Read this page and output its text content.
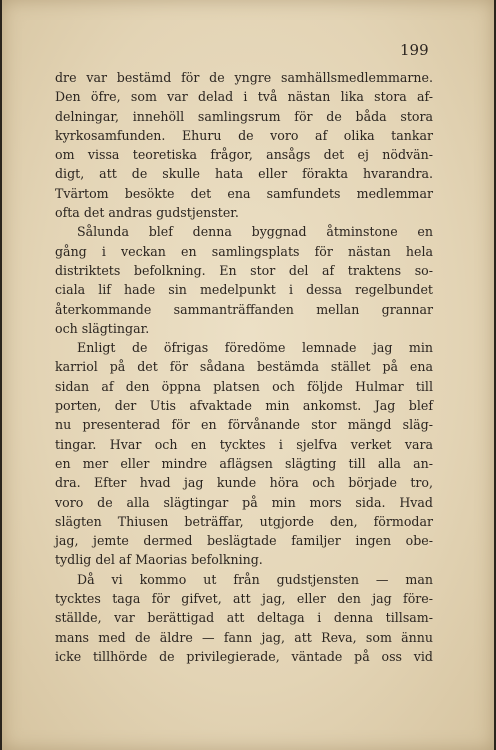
199

dre var bestämd för de yngre samhällsmedlemmarne.
Den öfre, som var delad i två nästan lika stora af-
delningar, innehöll samlingsrum för de båda stora
kyrkosamfunden. Ehuru de voro af olika tankar
om vissa teoretiska frågor, ansågs det ej nödvän-
digt, att de skulle hata eller förakta hvarandra.
Tvärtom besökte det ena samfundets medlemmar
ofta det andras gudstjenster.
Sålunda blef denna byggnad åtminstone en
gång i veckan en samlingsplats för nästan hela
distriktets befolkning. En stor del af traktens so-
ciala lif hade sin medelpunkt i dessa regelbundet
återkommande sammanträffanden mellan grannar
och slägtingar.
Enligt de öfrigas föredöme lemnade jag min
karriol på det för sådana bestämda stället på ena
sidan af den öppna platsen och följde Hulmar till
porten, der Utis afvaktade min ankomst. Jag blef
nu presenterad för en förvånande stor mängd släg-
tingar. Hvar och en tycktes i sjelfva verket vara
en mer eller mindre aflägsen slägting till alla an-
dra. Efter hvad jag kunde höra och började tro,
voro de alla slägtingar på min mors sida. Hvad
slägten Thiusen beträffar, utgjorde den, förmodar
jag, jemte dermed beslägtade familjer ingen obe-
tydlig del af Maorias befolkning.
Då vi kommo ut från gudstjensten — man
tycktes taga för gifvet, att jag, eller den jag före-
ställde, var berättigad att deltaga i denna tillsam-
mans med de äldre — fann jag, att Reva, som ännu
icke tillhörde de privilegierade, väntade på oss vid
